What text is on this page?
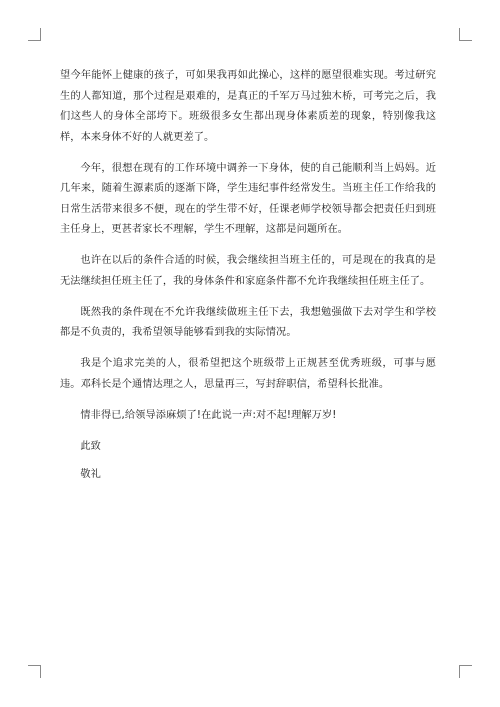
望今年能怀上健康的孩子，可如果我再如此操心，这样的愿望很难实现。考过研究生的人都知道，那个过程是艰难的，是真正的千军万马过独木桥，可考完之后，我们这些人的身体全部垮下。班级很多女生都出现身体素质差的现象，特别像我这样，本来身体不好的人就更差了。

今年，很想在现有的工作环境中调养一下身体，使的自己能顺利当上妈妈。近几年来，随着生源素质的逐渐下降，学生违纪事件经常发生。当班主任工作给我的日常生活带来很多不便，现在的学生带不好，任课老师学校领导都会把责任归到班主任身上，更甚者家长不理解，学生不理解，这都是问题所在。

也许在以后的条件合适的时候，我会继续担当班主任的，可是现在的我真的是无法继续担任班主任了，我的身体条件和家庭条件都不允许我继续担任班主任了。

既然我的条件现在不允许我继续做班主任下去，我想勉强做下去对学生和学校都是不负责的，我希望领导能够看到我的实际情况。

我是个追求完美的人，很希望把这个班级带上正规甚至优秀班级，可事与愿违。邓科长是个通情达理之人，思量再三，写封辞职信，希望科长批准。

情非得已,给领导添麻烦了!在此说一声:对不起!理解万岁!

此致

敬礼
